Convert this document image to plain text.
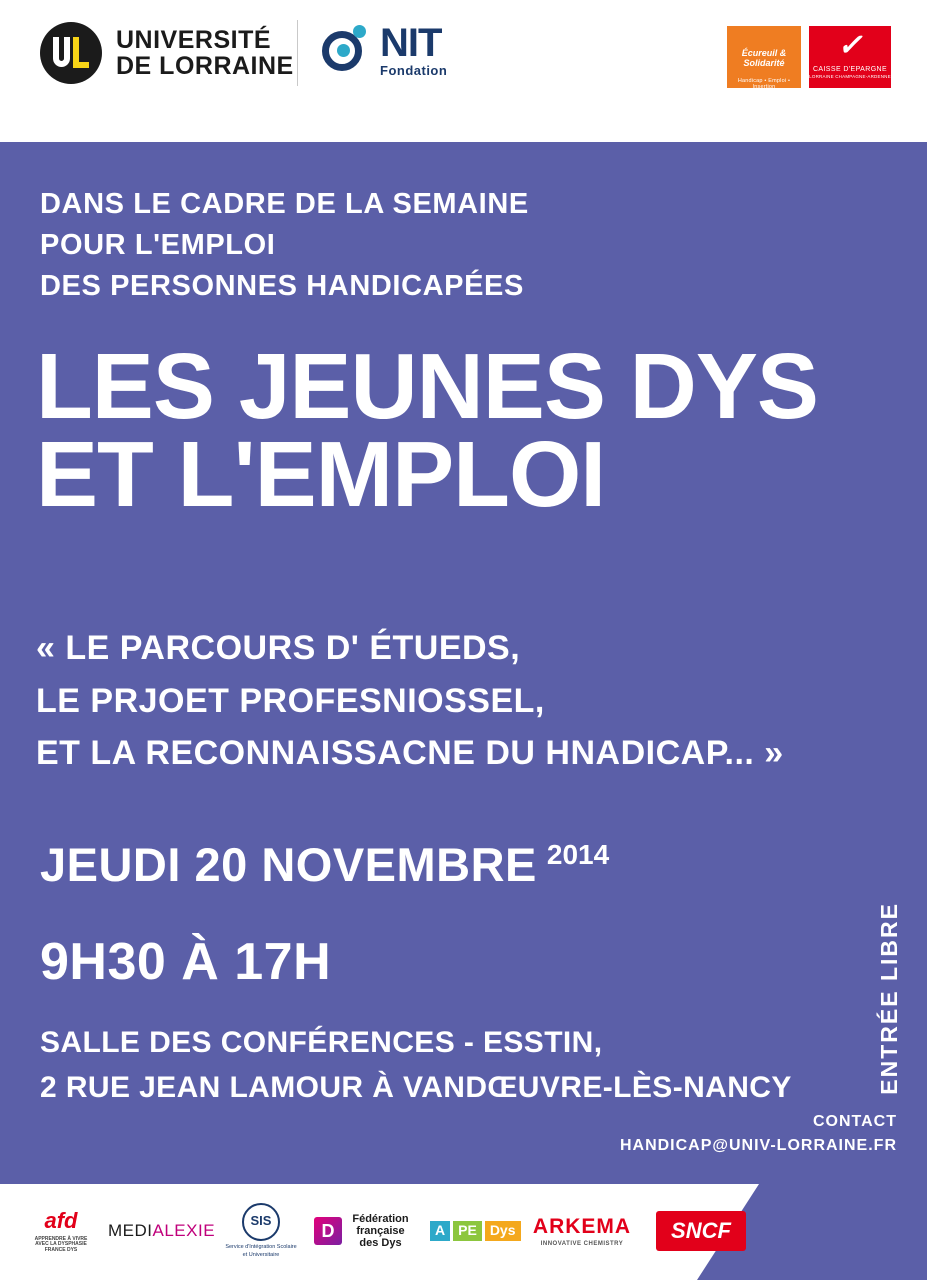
UNIVERSITÉ
DE LORRAINE
NIT
Fondation
Écureuil &
Solidarité
Handicap • Emploi • Insertion
✓
CAISSE D'EPARGNE
LORRAINE CHAMPAGNE-ARDENNE
DANS LE CADRE DE LA SEMAINE
POUR L'EMPLOI
DES PERSONNES HANDICAPÉES
LES JEUNES DYS
ET L'EMPLOI
« LE PARCOURS D' ÉTUEDS,
LE PRJOET PROFESNIOSSEL,
ET LA RECONNAISSACNE DU HNADICAP... »
JEUDI 20 NOVEMBRE $^{2014}$
9H30 À 17H
SALLE DES CONFÉRENCES - ESSTIN,
2 RUE JEAN LAMOUR À VANDŒUVRE-LÈS-NANCY	ENTRÉE LIBRE
CONTACT
HANDICAP@UNIV-LORRAINE.FR
afd
APPRENDRE À VIVRE AVEC LA DYSPHASIE FRANCE DYS
MEDI ALEXIE	SIS
Service d'Intégration Scolaire et Universitaire
D
Fédération française
des Dys
A PE Dys ARKEMA
INNOVATIVE CHEMISTRY
SNCF
